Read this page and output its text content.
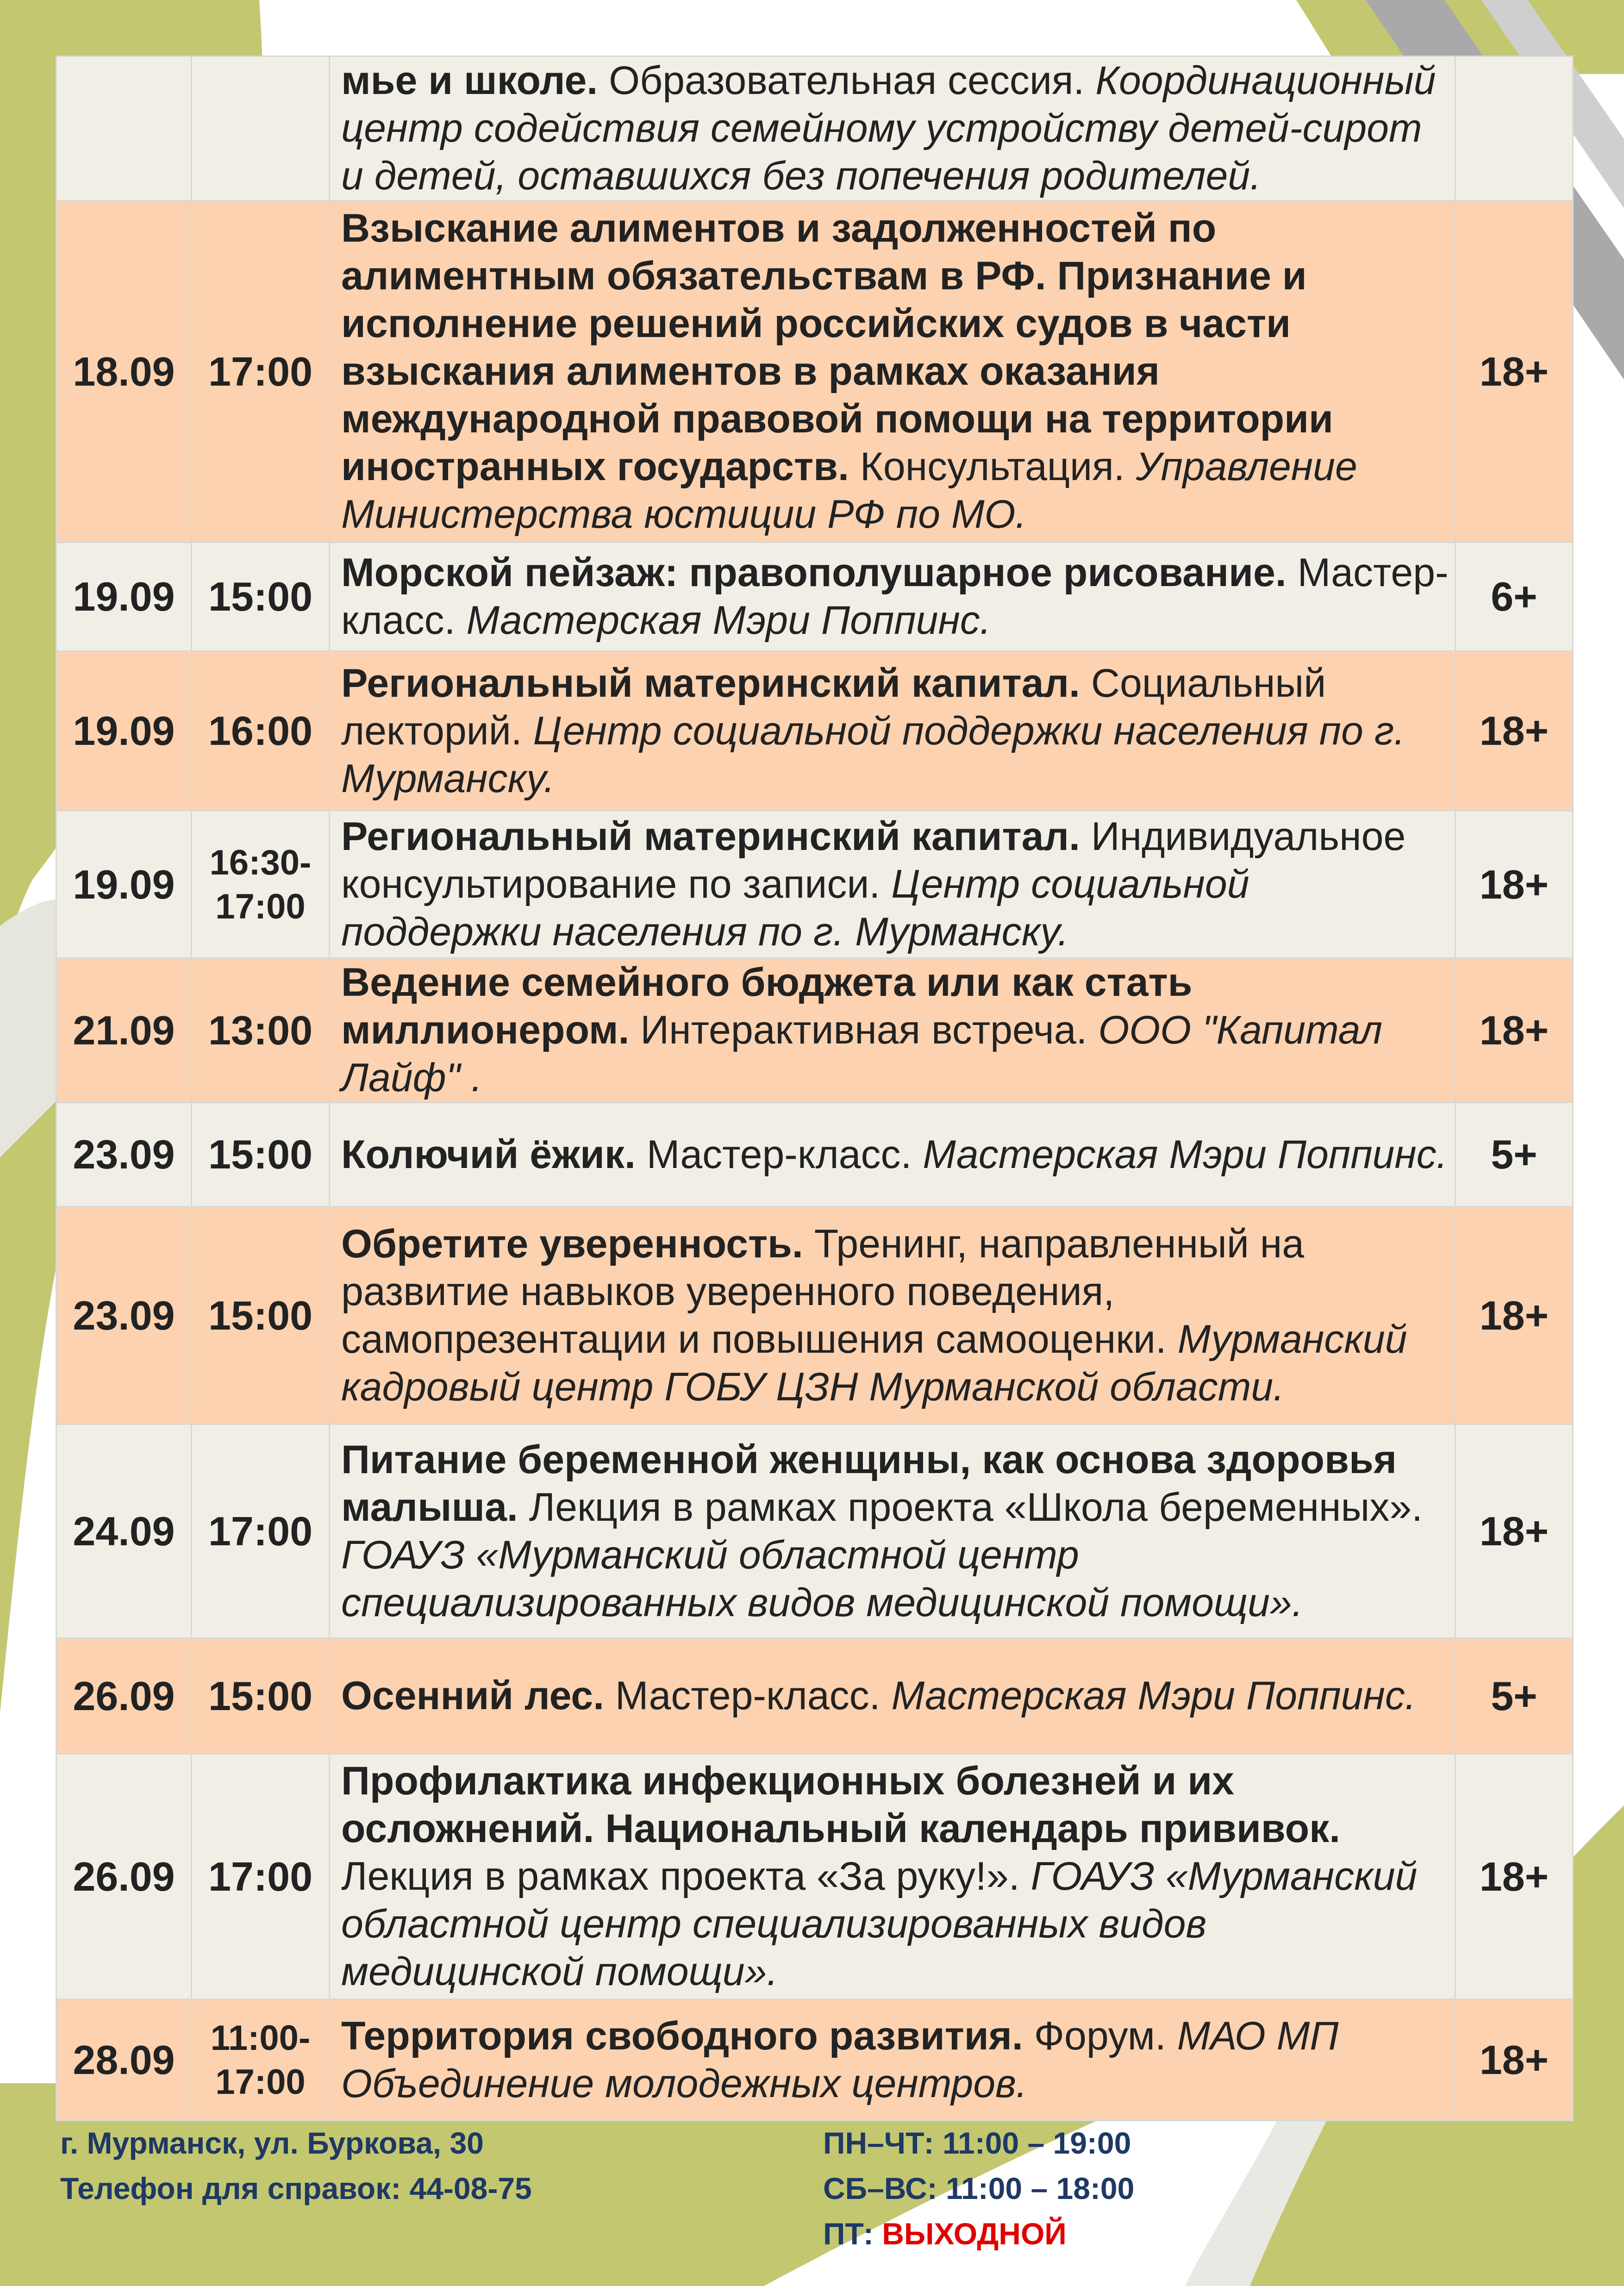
		мье и школе. Образовательная сессия. Координационный центр содействия семейному устройству детей-сирот и детей, оставшихся без попечения родителей.	
18.09	17:00	Взыскание алиментов и задолженностей по алиментным обязательствам в РФ. Признание и исполнение решений российских судов в части взыскания алиментов в рамках оказания международной правовой помощи на территории иностранных государств. Консультация. Управление Министерства юстиции РФ по МО.	18+
19.09	15:00	Морской пейзаж: правополушарное рисование. Мастер-класс. Мастерская Мэри Поппинс.	6+
19.09	16:00	Региональный материнский капитал. Социальный лекторий. Центр социальной поддержки населения по г. Мурманску.	18+
19.09	16:30-17:00	Региональный материнский капитал. Индивидуальное консультирование по записи. Центр социальной поддержки населения по г. Мурманску.	18+
21.09	13:00	Ведение семейного бюджета или как стать миллионером. Интерактивная встреча. ООО "Капитал Лайф" .	18+
23.09	15:00	Колючий ёжик. Мастер-класс. Мастерская Мэри Поппинс.	5+
23.09	15:00	Обретите уверенность. Тренинг, направленный на развитие навыков уверенного поведения, самопрезентации и повышения самооценки. Мурманский кадровый центр ГОБУ ЦЗН Мурманской области.	18+
24.09	17:00	Питание беременной женщины, как основа здоровья малыша. Лекция в рамках проекта «Школа беременных». ГОАУЗ «Мурманский областной центр специализированных видов медицинской помощи».	18+
26.09	15:00	Осенний лес. Мастер-класс. Мастерская Мэри Поппинс.	5+
26.09	17:00	Профилактика инфекционных болезней и их осложнений. Национальный календарь прививок. Лекция в рамках проекта «За руку!». ГОАУЗ «Мурманский областной центр специализированных видов медицинской помощи».	18+
28.09	11:00-17:00	Территория свободного развития. Форум. МАО МП Объединение молодежных центров.	18+
г. Мурманск, ул. Буркова, 30
Телефон для справок: 44-08-75
ПН–ЧТ: 11:00 – 19:00
СБ–ВС: 11:00 – 18:00
ПТ: ВЫХОДНОЙ
